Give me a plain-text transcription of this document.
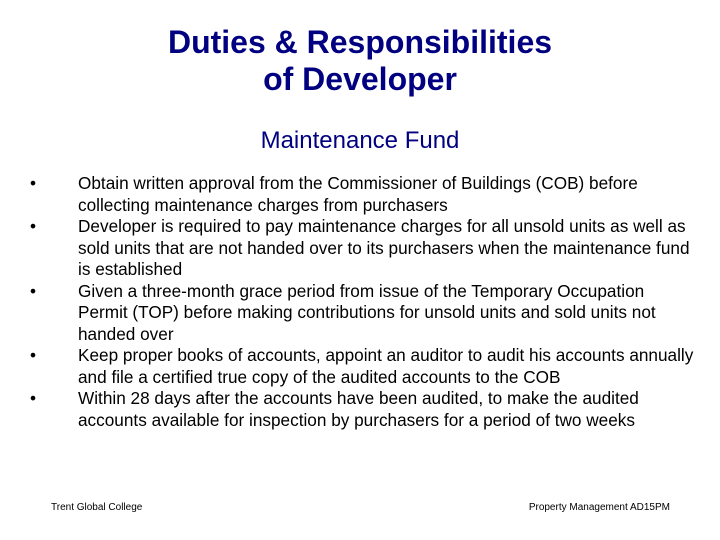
Duties & Responsibilities
of Developer
Maintenance Fund
• Obtain written approval from the Commissioner of Buildings (COB) before collecting maintenance charges from purchasers
• Developer is required to pay maintenance charges for all unsold units as well as sold units that are not handed over to its purchasers when the maintenance fund is established
• Given a three-month grace period from issue of the Temporary Occupation Permit (TOP) before making contributions for unsold units and sold units not handed over
• Keep proper books of accounts, appoint an auditor to audit his accounts annually and file a certified true copy of the audited accounts to the COB
• Within 28 days after the accounts have been audited, to make the audited accounts available for inspection by purchasers for a period of two weeks
Trent Global College	Property Management AD15PM
